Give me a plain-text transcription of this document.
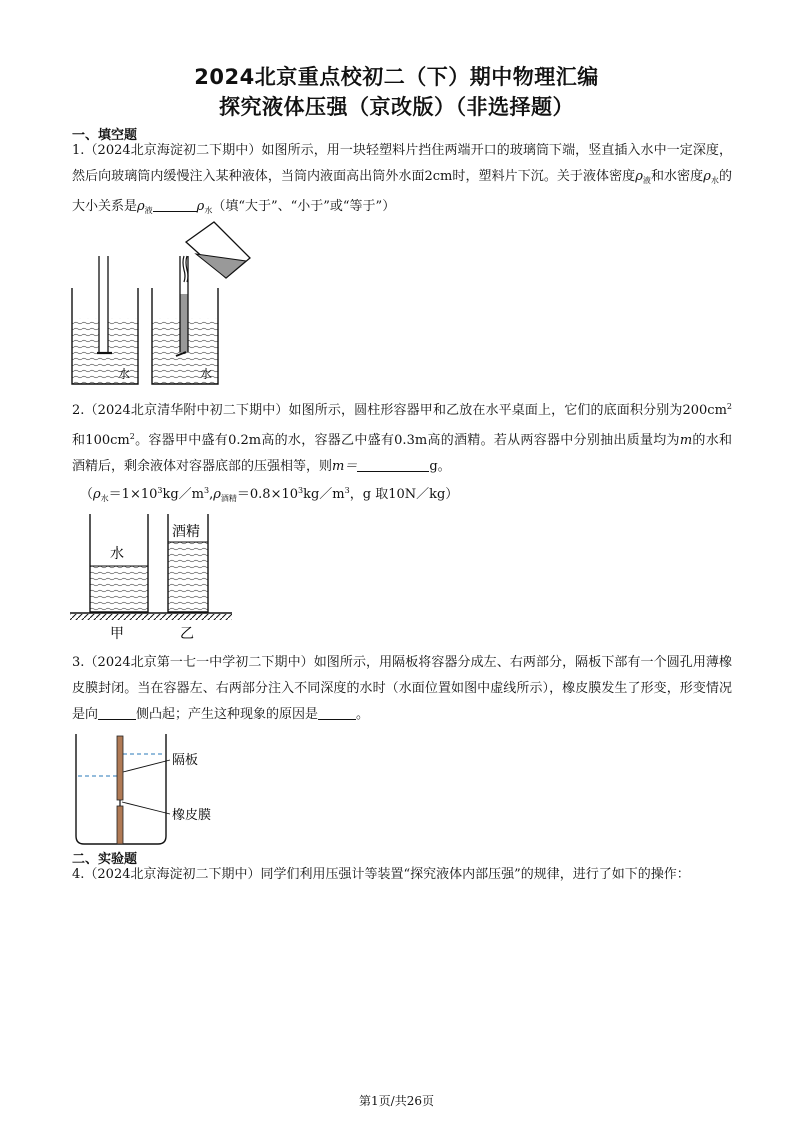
2024北京重点校初二（下）期中物理汇编
探究液体压强（京改版）（非选择题）
一、填空题
1.（2024北京海淀初二下期中）如图所示，用一块轻塑料片挡住两端开口的玻璃筒下端，竖直插入水中一定深度，然后向玻璃筒内缓慢注入某种液体，当筒内液面高出筒外水面2cm时，塑料片下沉。关于液体密度$\rho_液$和水密度$\rho_水$的大小关系是$\rho_液$	$\rho_水$（填“大于”、“小于”或“等于”）
水	水
2.（2024北京清华附中初二下期中）如图所示，圆柱形容器甲和乙放在水平桌面上，它们的底面积分别为$200cm^2$和$100cm^2$。容器甲中盛有0.2m高的水，容器乙中盛有0.3m高的酒精。若从两容器中分别抽出质量均为m的水和酒精后，剩余液体对容器底部的压强相等，则m＝	g。
（$\rho_水=1\times 10^3kg/m^3,\rho_{酒精}=0.8\times 10^3kg/m^3$，g 取10N／kg）
水
酒精
甲	乙
3.（2024北京第一七一中学初二下期中）如图所示，用隔板将容器分成左、右两部分，隔板下部有一个圆孔用薄橡皮膜封闭。当在容器左、右两部分注入不同深度的水时（水面位置如图中虚线所示），橡皮膜发生了形变，形变情况是向	侧凸起；产生这种现象的原因是	。
隔板
橡皮膜
二、实验题
4.（2024北京海淀初二下期中）同学们利用压强计等装置“探究液体内部压强”的规律，进行了如下的操作：
第1页/共26页
